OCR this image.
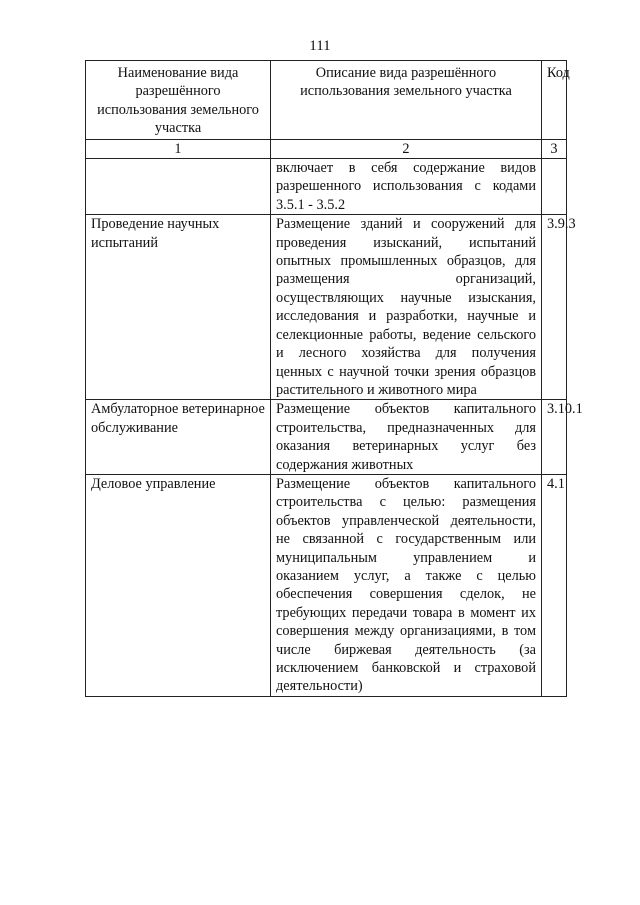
111
Наименование вида разрешённого использования земельного участка	Описание вида разрешённого использования земельного участка	Код
1	2	3
	включает в себя содержание видов разрешенного использования с кодами 3.5.1 - 3.5.2	
Проведение научных испытаний	Размещение зданий и сооружений для проведения изысканий, испытаний опытных промышленных образцов, для размещения организаций, осуществляющих научные изыскания, исследования и разработки, научные и селекционные работы, ведение сельского и лесного хозяйства для получения ценных с научной точки зрения образцов растительного и животного мира	3.9.3
Амбулаторное ветеринарное обслуживание	Размещение объектов капитального строительства, предназначенных для оказания ветеринарных услуг без содержания животных	3.10.1
Деловое управление	Размещение объектов капитального строительства с целью: размещения объектов управленческой деятельности, не связанной с государственным или муниципальным управлением и оказанием услуг, а также с целью обеспечения совершения сделок, не требующих передачи товара в момент их совершения между организациями, в том числе биржевая деятельность (за исключением банковской и страховой деятельности)	4.1
